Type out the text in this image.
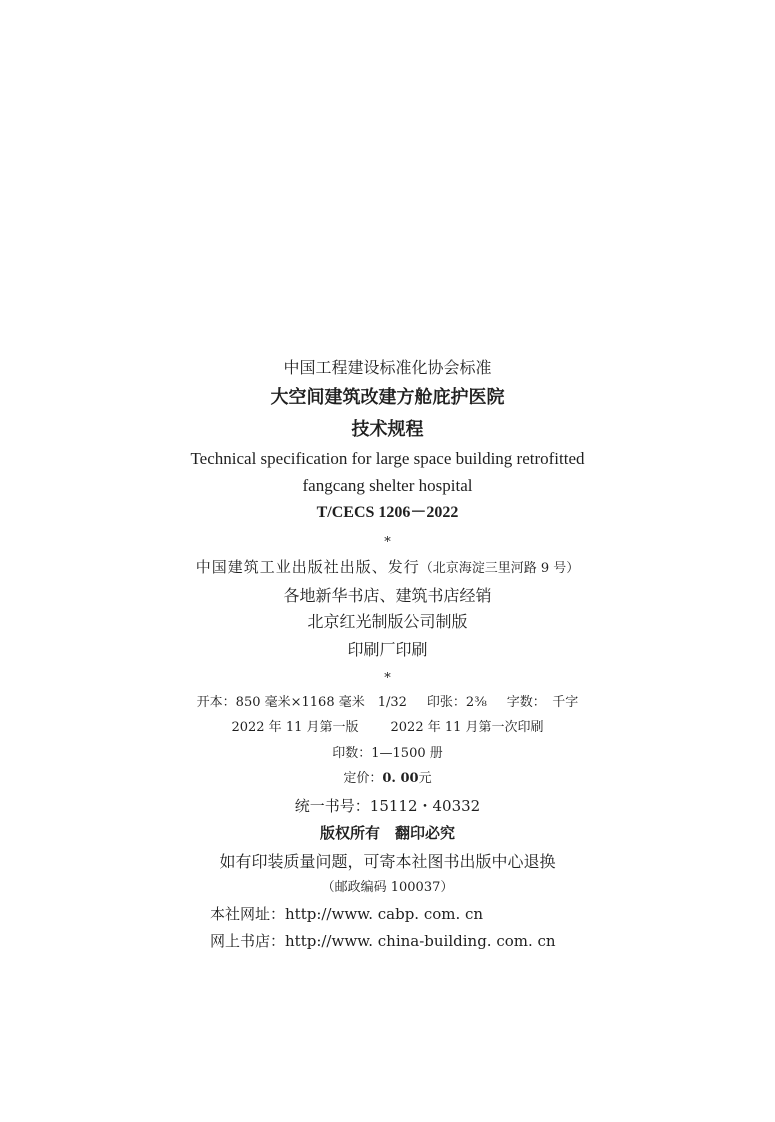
中国工程建设标准化协会标准
大空间建筑改建方舱庇护医院
技术规程
Technical specification for large space building retrofitted
fangcang shelter hospital
T/CECS 1206－2022
*
中国建筑工业出版社出版、发行（北京海淀三里河路 9 号）
各地新华书店、建筑书店经销
北京红光制版公司制版
印刷厂印刷
*
开本：850 毫米×1168 毫米　1/32 印张：2⅜ 字数：　千字
2022 年 11 月第一版 2022 年 11 月第一次印刷
印数：1—1500 册
定价：0. 00元
统一书号：15112・40332
版权所有　翻印必究
如有印装质量问题，可寄本社图书出版中心退换
（邮政编码 100037）
本社网址：http://www. cabp. com. cn
网上书店：http://www. china-building. com. cn
